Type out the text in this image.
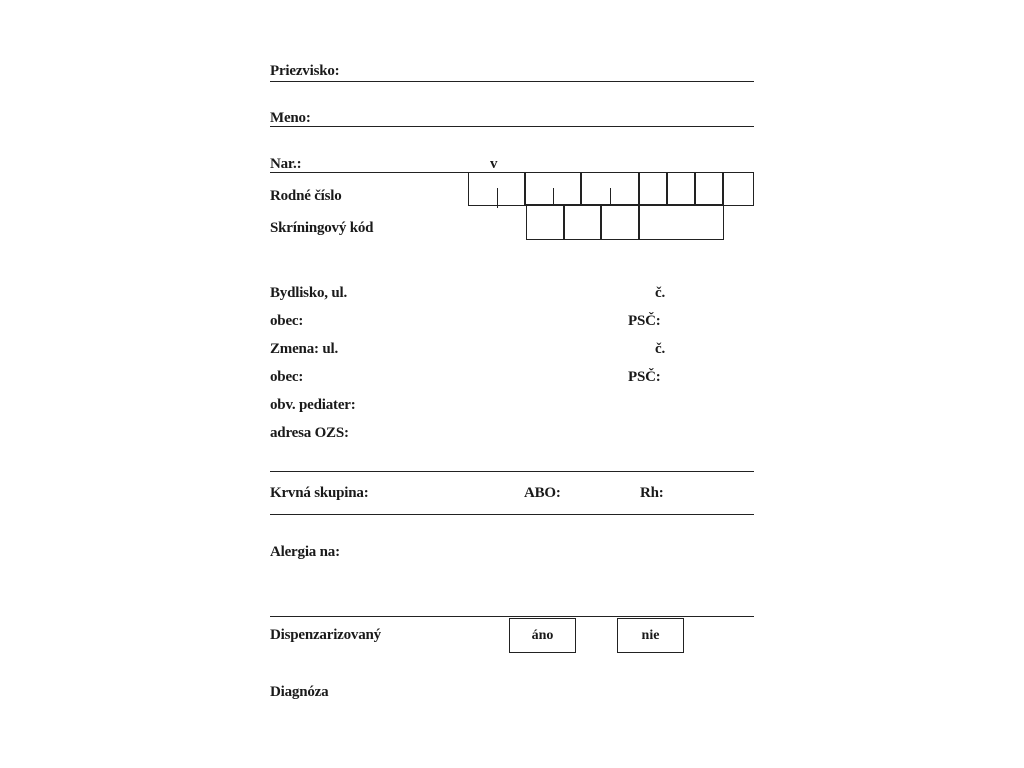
Priezvisko:
Meno:
Nar.:	v
Rodné číslo
Skríningový kód
Bydlisko, ul.	č.
obec:	PSČ:
Zmena: ul.	č.
obec:	PSČ:
obv. pediater:
adresa OZS:
Krvná skupina:	ABO:	Rh:
Alergia na:
Dispenzarizovaný	áno	nie
Diagnóza
